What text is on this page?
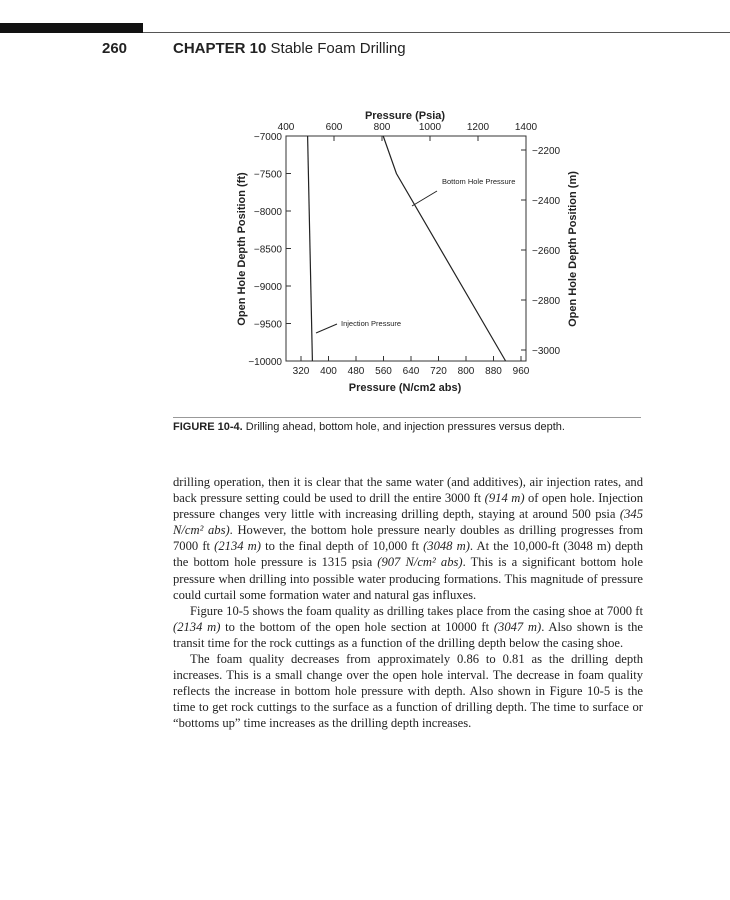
260	CHAPTER 10 Stable Foam Drilling
Pressure (Psia)
Pressure (N/cm2 abs)
Open Hole Depth Position (ft)	Open Hole Depth Position (m)
400	600	800	1000	1200	1400
320 400 480 560 640 720 800 880 960
−7000
−7500
−8000
−8500
−9000
−9500
−10000
−2200
−2400
−2600
−2800
−3000
Bottom Hole Pressure
Injection Pressure
FIGURE 10-4. Drilling ahead, bottom hole, and injection pressures versus depth.

drilling operation, then it is clear that the same water (and additives), air injection rates, and back pressure setting could be used to drill the entire 3000 ft (914 m) of open hole. Injection pressure changes very little with increasing drilling depth, staying at around 500 psia (345 N/cm² abs). However, the bottom hole pressure nearly doubles as drilling progresses from 7000 ft (2134 m) to the final depth of 10,000 ft (3048 m). At the 10,000-ft (3048 m) depth the bottom hole pressure is 1315 psia (907 N/cm² abs). This is a significant bottom hole pressure when drilling into possible water producing formations. This magnitude of pressure could curtail some formation water and natural gas influxes.

Figure 10-5 shows the foam quality as drilling takes place from the casing shoe at 7000 ft (2134 m) to the bottom of the open hole section at 10000 ft (3047 m). Also shown is the transit time for the rock cuttings as a function of the drilling depth below the casing shoe.

The foam quality decreases from approximately 0.86 to 0.81 as the drilling depth increases. This is a small change over the open hole interval. The decrease in foam quality reflects the increase in bottom hole pressure with depth. Also shown in Figure 10-5 is the time to get rock cuttings to the surface as a function of drilling depth. The time to surface or “bottoms up” time increases as the drilling depth increases.
